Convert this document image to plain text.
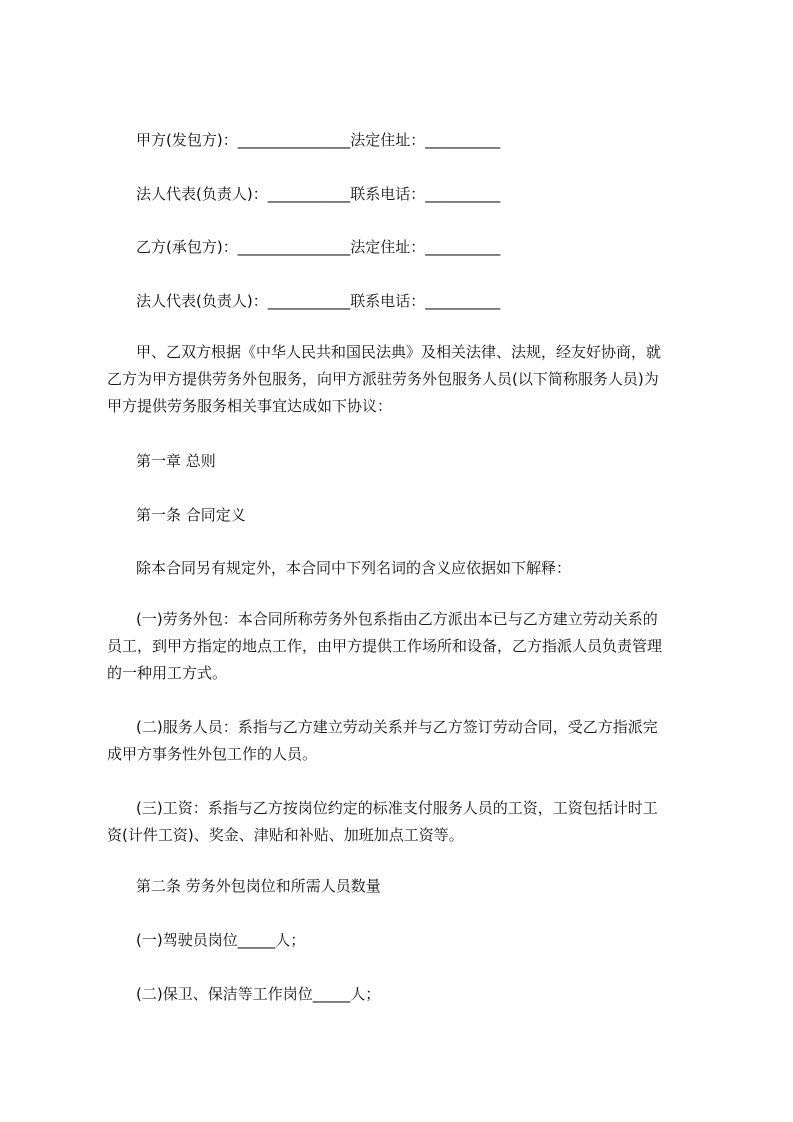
甲方(发包方)：_______________法定住址：__________
法人代表(负责人)：___________联系电话：__________
乙方(承包方)：_______________法定住址：__________
法人代表(负责人)：___________联系电话：__________
甲、乙双方根据《中华人民共和国民法典》及相关法律、法规，经友好协商，就
乙方为甲方提供劳务外包服务，向甲方派驻劳务外包服务人员(以下简称服务人员)为
甲方提供劳务服务相关事宜达成如下协议：
第一章 总则
第一条 合同定义
除本合同另有规定外，本合同中下列名词的含义应依据如下解释：
(一)劳务外包：本合同所称劳务外包系指由乙方派出本已与乙方建立劳动关系的
员工，到甲方指定的地点工作，由甲方提供工作场所和设备，乙方指派人员负责管理
的一种用工方式。
(二)服务人员：系指与乙方建立劳动关系并与乙方签订劳动合同，受乙方指派完
成甲方事务性外包工作的人员。
(三)工资：系指与乙方按岗位约定的标准支付服务人员的工资，工资包括计时工
资(计件工资)、奖金、津贴和补贴、加班加点工资等。
第二条 劳务外包岗位和所需人员数量
(一)驾驶员岗位_____人；
(二)保卫、保洁等工作岗位_____人；
